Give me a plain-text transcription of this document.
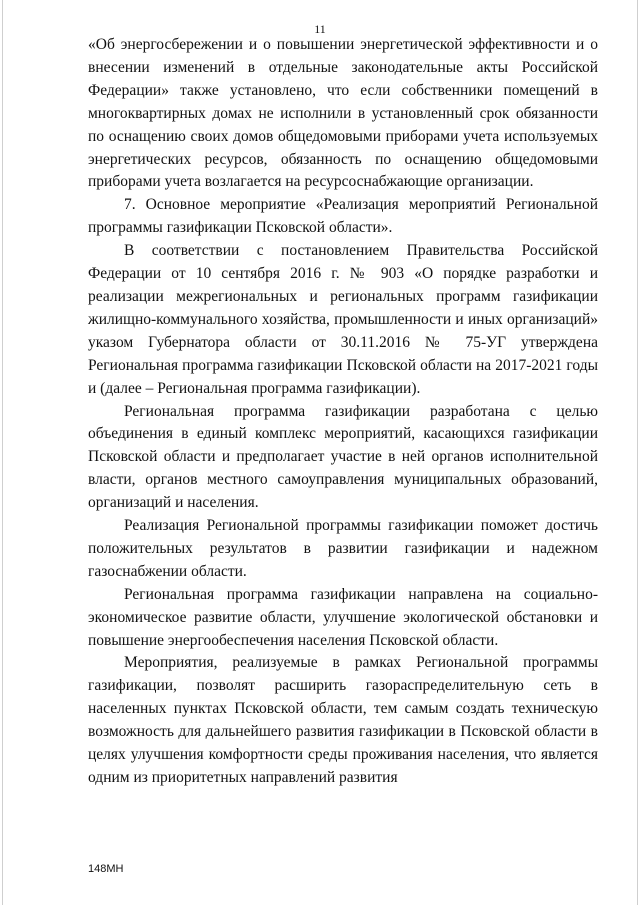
11

«Об энергосбережении и о повышении энергетической эффективности и о внесении изменений в отдельные законодательные акты Российской Федерации» также установлено, что если собственники помещений в многоквартирных домах не исполнили в установленный срок обязанности по оснащению своих домов общедомовыми приборами учета используемых энергетических ресурсов, обязанность по оснащению общедомовыми приборами учета возлагается на ресурсоснабжающие организации.

7. Основное мероприятие «Реализация мероприятий Региональной программы газификации Псковской области».

В соответствии с постановлением Правительства Российской Федерации от 10 сентября 2016 г. № 903 «О порядке разработки и реализации межрегиональных и региональных программ газификации жилищно-коммунального хозяйства, промышленности и иных организаций» указом Губернатора области от 30.11.2016 № 75-УГ утверждена Региональная программа газификации Псковской области на 2017-2021 годы и (далее – Региональная программа газификации).

Региональная программа газификации разработана с целью объединения в единый комплекс мероприятий, касающихся газификации Псковской области и предполагает участие в ней органов исполнительной власти, органов местного самоуправления муниципальных образований, организаций и населения.

Реализация Региональной программы газификации поможет достичь положительных результатов в развитии газификации и надежном газоснабжении области.

Региональная программа газификации направлена на социально-экономическое развитие области, улучшение экологической обстановки и повышение энергообеспечения населения Псковской области.

Мероприятия, реализуемые в рамках Региональной программы газификации, позволят расширить газораспределительную сеть в населенных пунктах Псковской области, тем самым создать техническую возможность для дальнейшего развития газификации в Псковской области в целях улучшения комфортности среды проживания населения, что является одним из приоритетных направлений развития

148МН
